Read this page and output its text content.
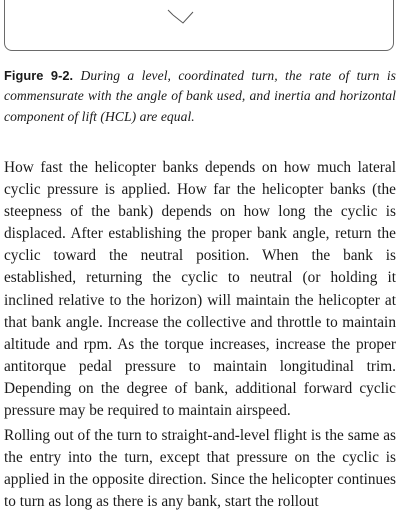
Figure 9-2. During a level, coordinated turn, the rate of turn is commensurate with the angle of bank used, and inertia and horizontal component of lift (HCL) are equal.

How fast the helicopter banks depends on how much lateral cyclic pressure is applied. How far the helicopter banks (the steepness of the bank) depends on how long the cyclic is displaced. After establishing the proper bank angle, return the cyclic toward the neutral position. When the bank is established, returning the cyclic to neutral (or holding it inclined relative to the horizon) will maintain the helicopter at that bank angle. Increase the collective and throttle to maintain altitude and rpm. As the torque increases, increase the proper antitorque pedal pressure to maintain longitudinal trim. Depending on the degree of bank, additional forward cyclic pressure may be required to maintain airspeed.

Rolling out of the turn to straight-and-level flight is the same as the entry into the turn, except that pressure on the cyclic is applied in the opposite direction. Since the helicopter continues to turn as long as there is any bank, start the rollout
